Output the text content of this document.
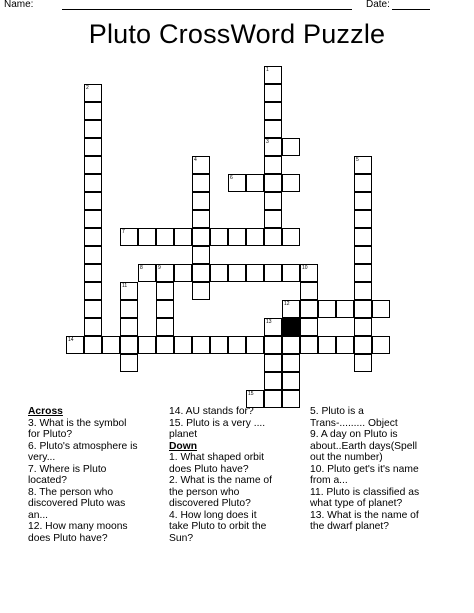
Name:	Date:
Pluto CrossWord Puzzle
1
2
3
4	5
6
7
8	9	10
11
12
13
14
15
Across
3. What is the symbol
for Pluto?
6. Pluto's atmosphere is
very...
7. Where is Pluto
located?
8. The person who
discovered Pluto was
an...
12. How many moons
does Pluto have?
14. AU stands for?
15. Pluto is a very ....
planet
Down
1. What shaped orbit
does Pluto have?
2. What is the name of
the person who
discovered Pluto?
4. How long does it
take Pluto to orbit the
Sun?
5. Pluto is a
Trans-......... Object
9. A day on Pluto is
about..Earth days(Spell
out the number)
10. Pluto get's it's name
from a...
11. Pluto is classified as
what type of planet?
13. What is the name of
the dwarf planet?
